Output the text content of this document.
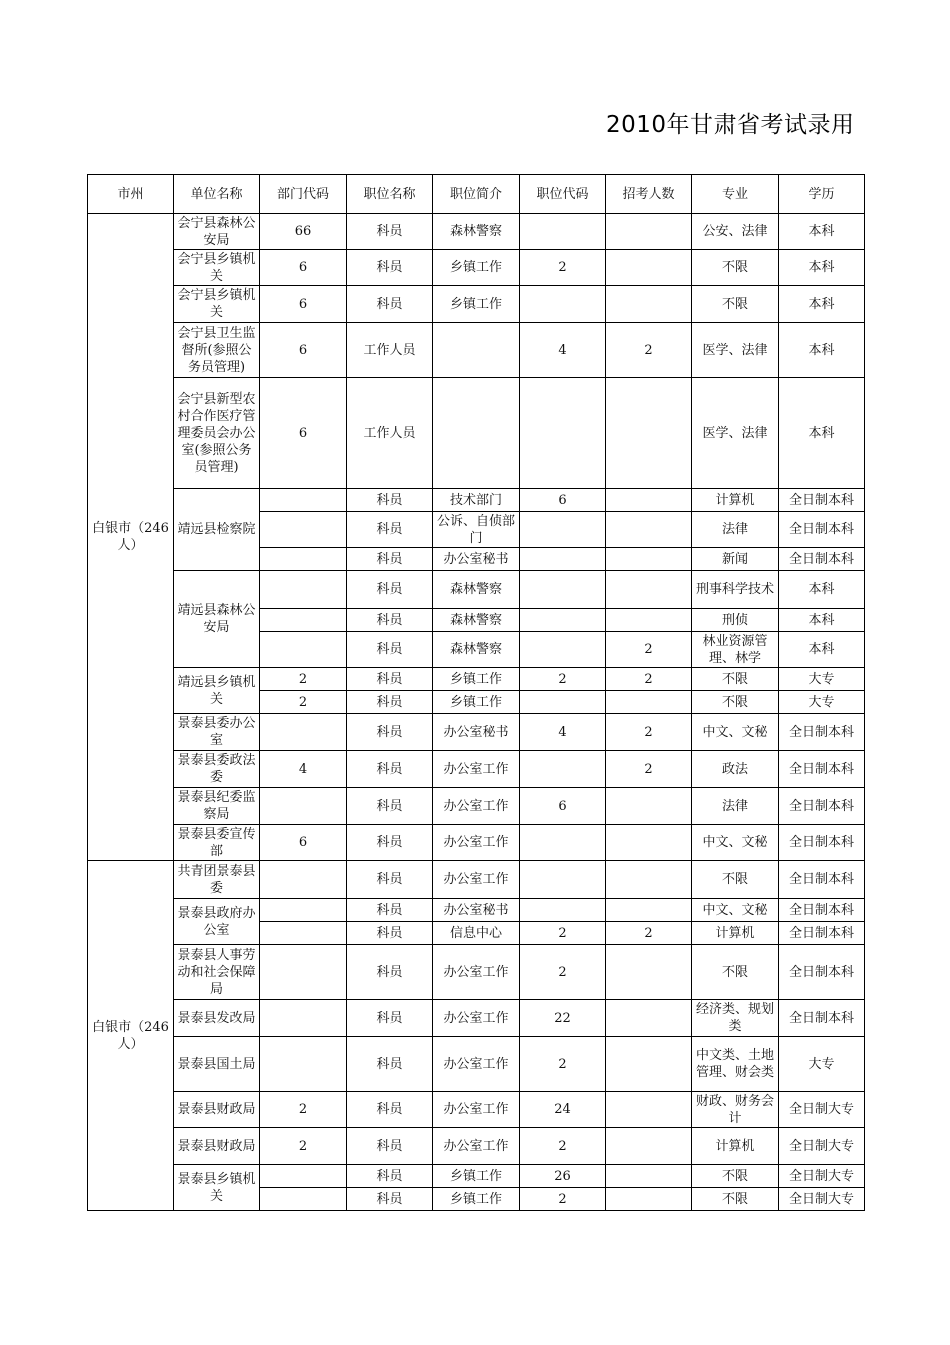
2010年甘肃省考试录用
市州	单位名称	部门代码	职位名称	职位简介	职位代码	招考人数	专业	学历
白银市（246人）	会宁县森林公安局	66	科员	森林警察			公安、法律	本科
	会宁县乡镇机关	6	科员	乡镇工作	2		不限	本科
	会宁县乡镇机关	6	科员	乡镇工作			不限	本科
	会宁县卫生监督所(参照公务员管理)	6	工作人员		4	2	医学、法律	本科
	会宁县新型农村合作医疗管理委员会办公室(参照公务员管理)	6	工作人员				医学、法律	本科
	靖远县检察院		科员	技术部门	6		计算机	全日制本科
			科员	公诉、自侦部门			法律	全日制本科
			科员	办公室秘书			新闻	全日制本科
	靖远县森林公安局		科员	森林警察			刑事科学技术	本科
			科员	森林警察			刑侦	本科
			科员	森林警察		2	林业资源管理、林学	本科
	靖远县乡镇机关	2	科员	乡镇工作	2	2	不限	大专
		2	科员	乡镇工作			不限	大专
	景泰县委办公室		科员	办公室秘书	4	2	中文、文秘	全日制本科
	景泰县委政法委	4	科员	办公室工作		2	政法	全日制本科
	景泰县纪委监察局		科员	办公室工作	6		法律	全日制本科
	景泰县委宣传部	6	科员	办公室工作			中文、文秘	全日制本科
白银市（246人）	共青团景泰县委		科员	办公室工作			不限	全日制本科
	景泰县政府办公室		科员	办公室秘书			中文、文秘	全日制本科
			科员	信息中心	2	2	计算机	全日制本科
	景泰县人事劳动和社会保障局		科员	办公室工作	2		不限	全日制本科
	景泰县发改局		科员	办公室工作	22		经济类、规划类	全日制本科
	景泰县国土局		科员	办公室工作	2		中文类、土地管理、财会类	大专
	景泰县财政局	2	科员	办公室工作	24		财政、财务会计	全日制大专
	景泰县财政局	2	科员	办公室工作	2		计算机	全日制大专
	景泰县乡镇机关		科员	乡镇工作	26		不限	全日制大专
			科员	乡镇工作	2		不限	全日制大专
